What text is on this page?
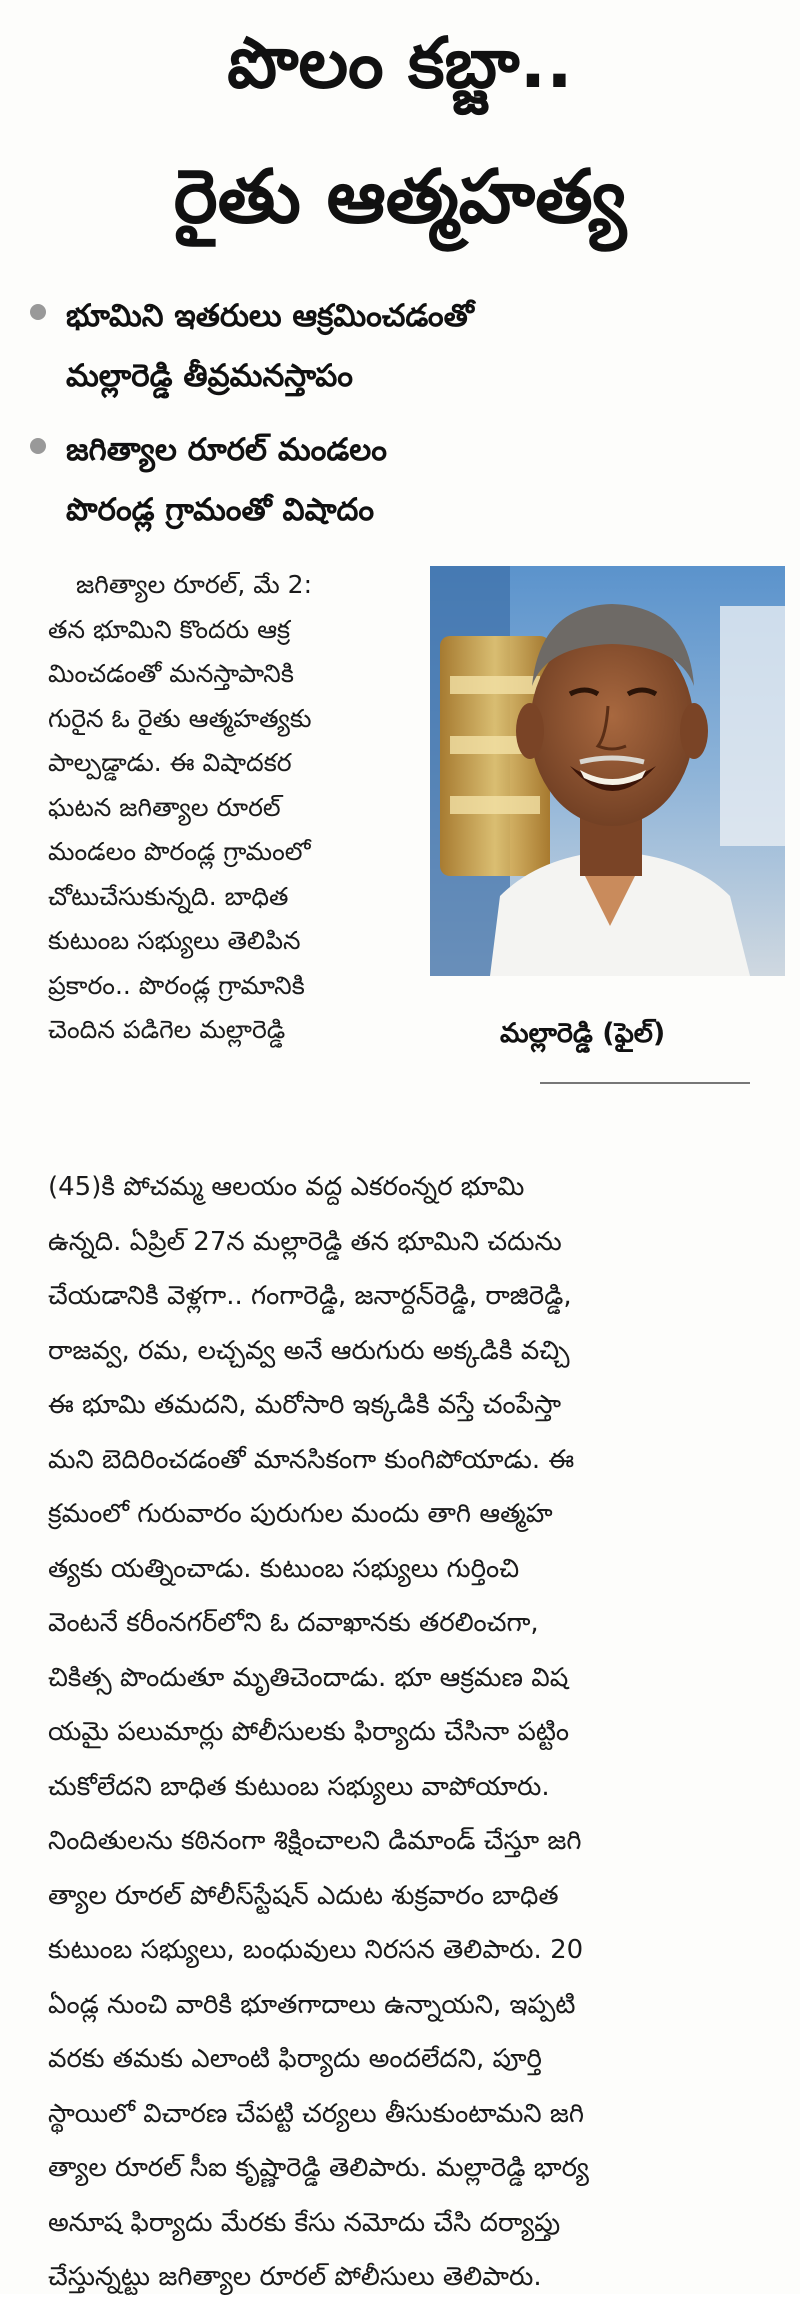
పొలం కబ్జా..
రైతు ఆత్మహత్య
భూమిని ఇతరులు ఆక్రమించడంతో
మల్లారెడ్డి తీవ్రమనస్తాపం
జగిత్యాల రూరల్ మండలం
పొరండ్ల గ్రామంతో విషాదం
జగిత్యాల రూరల్, మే 2:
తన భూమిని కొందరు ఆక్ర
మించడంతో మనస్తాపానికి
గురైన ఓ రైతు ఆత్మహత్యకు
పాల్పడ్డాడు. ఈ విషాదకర
ఘటన జగిత్యాల రూరల్
మండలం పొరండ్ల గ్రామంలో
చోటుచేసుకున్నది. బాధిత
కుటుంబ సభ్యులు తెలిపిన
ప్రకారం.. పొరండ్ల గ్రామానికి
చెందిన పడిగెల మల్లారెడ్డి	మల్లారెడ్డి (ఫైల్)
(45)కి పోచమ్మ ఆలయం వద్ద ఎకరంన్నర భూమి
ఉన్నది. ఏప్రిల్ 27న మల్లారెడ్డి తన భూమిని చదును
చేయడానికి వెళ్లగా.. గంగారెడ్డి, జనార్దన్‌రెడ్డి, రాజిరెడ్డి,
రాజవ్వ, రమ, లచ్చవ్వ అనే ఆరుగురు అక్కడికి వచ్చి
ఈ భూమి తమదని, మరోసారి ఇక్కడికి వస్తే చంపేస్తా
మని బెదిరించడంతో మానసికంగా కుంగిపోయాడు. ఈ
క్రమంలో గురువారం పురుగుల మందు తాగి ఆత్మహ
త్యకు యత్నించాడు. కుటుంబ సభ్యులు గుర్తించి
వెంటనే కరీంనగర్‌లోని ఓ దవాఖానకు తరలించగా,
చికిత్స పొందుతూ మృతిచెందాడు. భూ ఆక్రమణ విష
యమై పలుమార్లు పోలీసులకు ఫిర్యాదు చేసినా పట్టిం
చుకోలేదని బాధిత కుటుంబ సభ్యులు వాపోయారు.
నిందితులను కఠినంగా శిక్షించాలని డిమాండ్ చేస్తూ జగి
త్యాల రూరల్ పోలీస్‌స్టేషన్ ఎదుట శుక్రవారం బాధిత
కుటుంబ సభ్యులు, బంధువులు నిరసన తెలిపారు. 20
ఏండ్ల నుంచి వారికి భూతగాదాలు ఉన్నాయని, ఇప్పటి
వరకు తమకు ఎలాంటి ఫిర్యాదు అందలేదని, పూర్తి
స్థాయిలో విచారణ చేపట్టి చర్యలు తీసుకుంటామని జగి
త్యాల రూరల్ సీఐ కృష్ణారెడ్డి తెలిపారు. మల్లారెడ్డి భార్య
అనూష ఫిర్యాదు మేరకు కేసు నమోదు చేసి దర్యాప్తు
చేస్తున్నట్టు జగిత్యాల రూరల్ పోలీసులు తెలిపారు.
